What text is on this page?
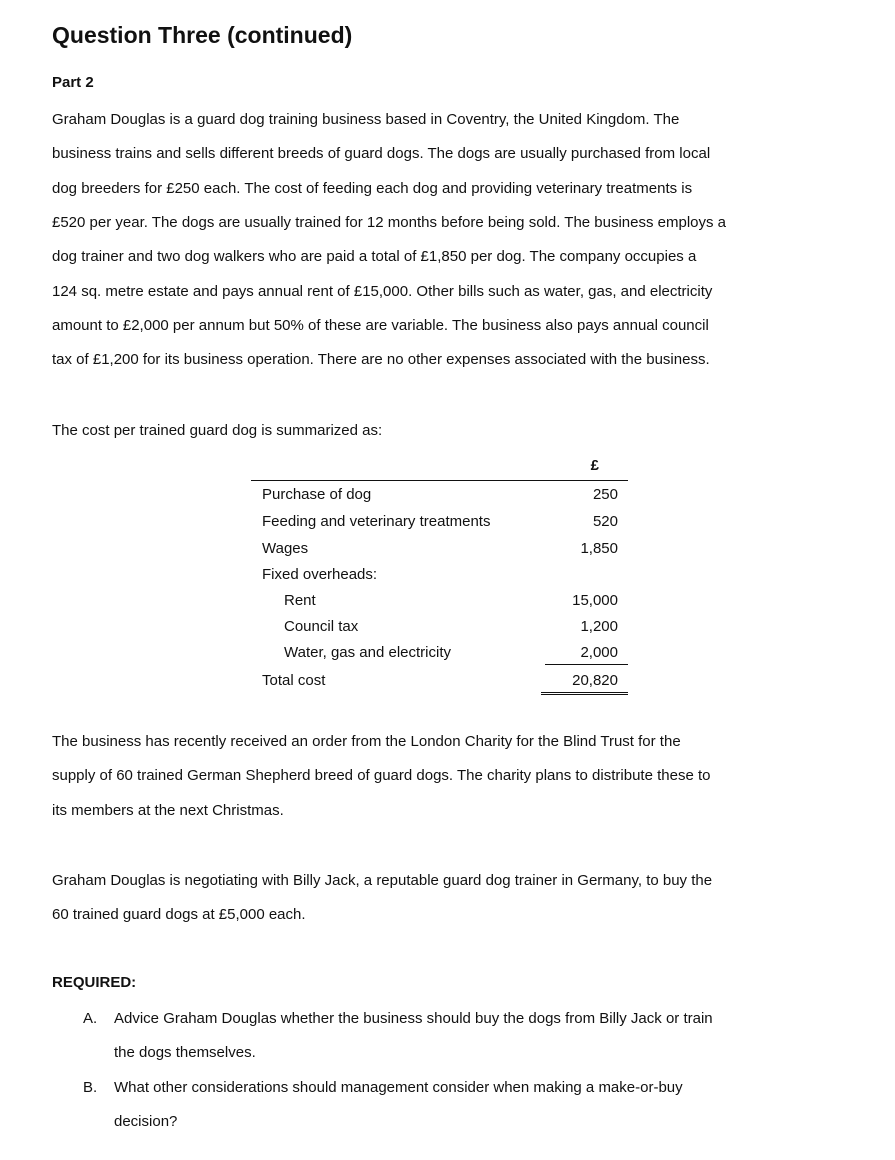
Question Three (continued)
Part 2
Graham Douglas is a guard dog training business based in Coventry, the United Kingdom. The
business trains and sells different breeds of guard dogs. The dogs are usually purchased from local
dog breeders for £250 each. The cost of feeding each dog and providing veterinary treatments is
£520 per year. The dogs are usually trained for 12 months before being sold. The business employs a
dog trainer and two dog walkers who are paid a total of £1,850 per dog. The company occupies a
124 sq. metre estate and pays annual rent of £15,000. Other bills such as water, gas, and electricity
amount to £2,000 per annum but 50% of these are variable. The business also pays annual council
tax of £1,200 for its business operation. There are no other expenses associated with the business.
The cost per trained guard dog is summarized as:
£
Purchase of dog	250
Feeding and veterinary treatments	520
Wages	1,850
Fixed overheads:
Rent	15,000
Council tax	1,200
Water, gas and electricity	2,000
Total cost	20,820
The business has recently received an order from the London Charity for the Blind Trust for the
supply of 60 trained German Shepherd breed of guard dogs. The charity plans to distribute these to
its members at the next Christmas.
Graham Douglas is negotiating with Billy Jack, a reputable guard dog trainer in Germany, to buy the
60 trained guard dogs at £5,000 each.
REQUIRED:
A. Advice Graham Douglas whether the business should buy the dogs from Billy Jack or train
the dogs themselves.
B. What other considerations should management consider when making a make-or-buy
decision?
